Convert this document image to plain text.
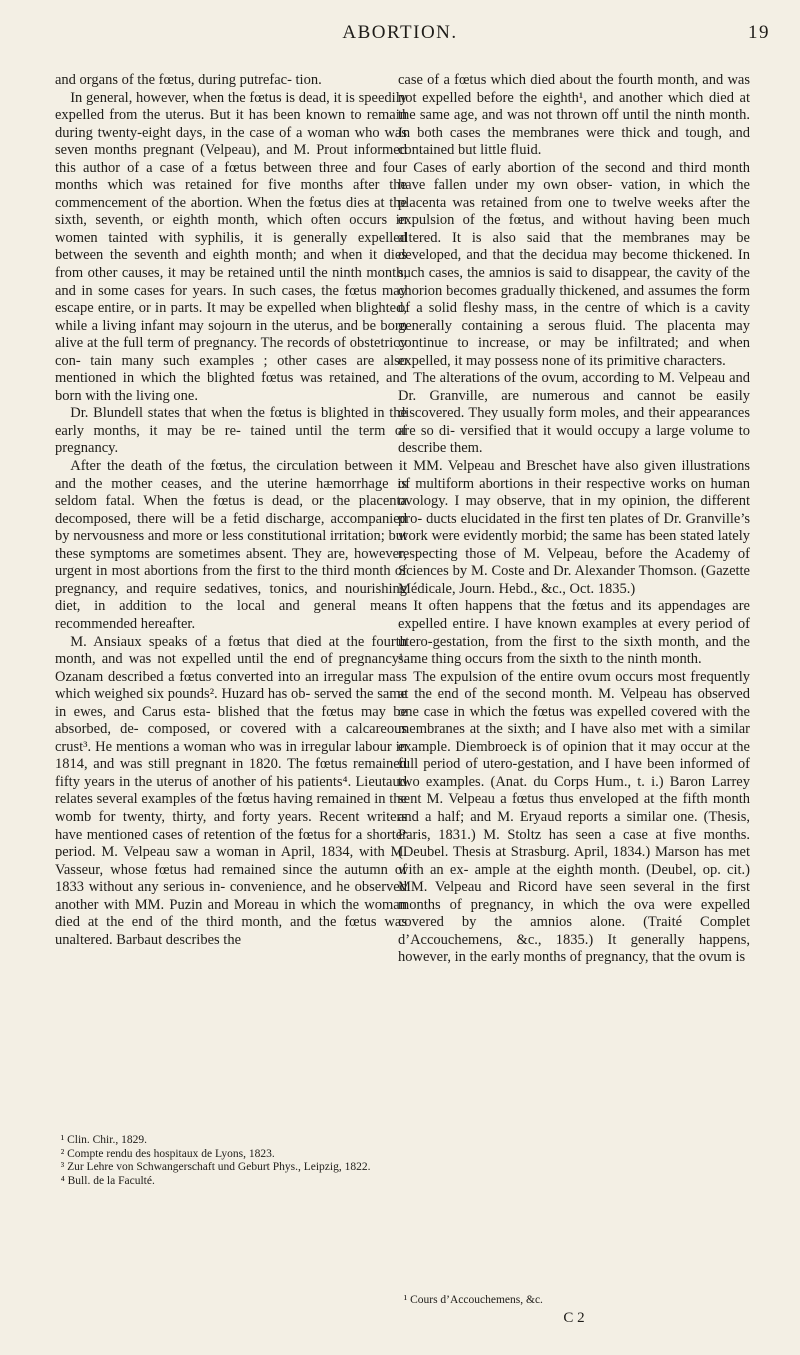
ABORTION.	19

and organs of the fœtus, during putrefac- tion.

In general, however, when the fœtus is dead, it is speedily expelled from the uterus. But it has been known to remain during twenty-eight days, in the case of a woman who was seven months pregnant (Velpeau), and M. Prout informed this author of a case of a fœtus between three and four months which was retained for five months after the commencement of the abortion. When the fœtus dies at the sixth, seventh, or eighth month, which often occurs in women tainted with syphilis, it is generally expelled between the seventh and eighth month; and when it dies from other causes, it may be retained until the ninth month, and in some cases for years. In such cases, the fœtus may escape entire, or in parts. It may be expelled when blighted, while a living infant may sojourn in the uterus, and be born alive at the full term of pregnancy. The records of obstetricy con- tain many such examples ; other cases are also mentioned in which the blighted fœtus was retained, and born with the living one.

Dr. Blundell states that when the fœtus is blighted in the early months, it may be re- tained until the term of pregnancy.

After the death of the fœtus, the circulation between it and the mother ceases, and the uterine hæmorrhage is seldom fatal. When the fœtus is dead, or the placenta decomposed, there will be a fetid discharge, accompanied by nervousness and more or less constitutional irritation; but these symptoms are sometimes absent. They are, however, urgent in most abortions from the first to the third month of pregnancy, and require sedatives, tonics, and nourishing diet, in addition to the local and general means recommended hereafter.

M. Ansiaux speaks of a fœtus that died at the fourth month, and was not expelled until the end of pregnancy¹. Ozanam described a fœtus converted into an irregular mass which weighed six pounds². Huzard has ob- served the same in ewes, and Carus esta- blished that the fœtus may be absorbed, de- composed, or covered with a calcareous crust³. He mentions a woman who was in irregular labour in 1814, and was still pregnant in 1820. The fœtus remained fifty years in the uterus of another of his patients⁴. Lieutaud relates several examples of the fœtus having remained in the womb for twenty, thirty, and forty years. Recent writers have mentioned cases of retention of the fœtus for a shorter period. M. Velpeau saw a woman in April, 1834, with M. Vasseur, whose fœtus had remained since the autumn of 1833 without any serious in- convenience, and he observed another with MM. Puzin and Moreau in which the woman died at the end of the third month, and the fœtus was unaltered. Barbaut describes the

¹ Clin. Chir., 1829.
² Compte rendu des hospitaux de Lyons, 1823.
³ Zur Lehre von Schwangerschaft und Geburt Phys., Leipzig, 1822.
⁴ Bull. de la Faculté.

case of a fœtus which died about the fourth month, and was not expelled before the eighth¹, and another which died at the same age, and was not thrown off until the ninth month. In both cases the membranes were thick and tough, and contained but little fluid.

Cases of early abortion of the second and third month have fallen under my own obser- vation, in which the placenta was retained from one to twelve weeks after the expulsion of the fœtus, and without having been much altered. It is also said that the membranes may be developed, and that the decidua may become thickened. In such cases, the amnios is said to disappear, the cavity of the chorion becomes gradually thickened, and assumes the form of a solid fleshy mass, in the centre of which is a cavity generally containing a serous fluid. The placenta may continue to increase, or may be infiltrated; and when expelled, it may possess none of its primitive characters.

The alterations of the ovum, according to M. Velpeau and Dr. Granville, are numerous and cannot be easily discovered. They usually form moles, and their appearances are so di- versified that it would occupy a large volume to describe them.

MM. Velpeau and Breschet have also given illustrations of multiform abortions in their respective works on human ovology. I may observe, that in my opinion, the different pro- ducts elucidated in the first ten plates of Dr. Granville’s work were evidently morbid; the same has been stated lately respecting those of M. Velpeau, before the Academy of Sciences by M. Coste and Dr. Alexander Thomson. (Gazette Médicale, Journ. Hebd., &c., Oct. 1835.)

It often happens that the fœtus and its appendages are expelled entire. I have known examples at every period of utero-gestation, from the first to the sixth month, and the same thing occurs from the sixth to the ninth month.

The expulsion of the entire ovum occurs most frequently at the end of the second month. M. Velpeau has observed one case in which the fœtus was expelled covered with the membranes at the sixth; and I have also met with a similar example. Diembroeck is of opinion that it may occur at the full period of utero-gestation, and I have been informed of two examples. (Anat. du Corps Hum., t. i.) Baron Larrey sent M. Velpeau a fœtus thus enveloped at the fifth month and a half; and M. Eryaud reports a similar one. (Thesis, Paris, 1831.) M. Stoltz has seen a case at five months. (Deubel. Thesis at Strasburg. April, 1834.) Marson has met with an ex- ample at the eighth month. (Deubel, op. cit.) MM. Velpeau and Ricord have seen several in the first months of pregnancy, in which the ova were expelled covered by the amnios alone. (Traité Complet d’Accouchemens, &c., 1835.) It generally happens, however, in the early months of pregnancy, that the ovum is

¹ Cours d’Accouchemens, &c.
C 2
